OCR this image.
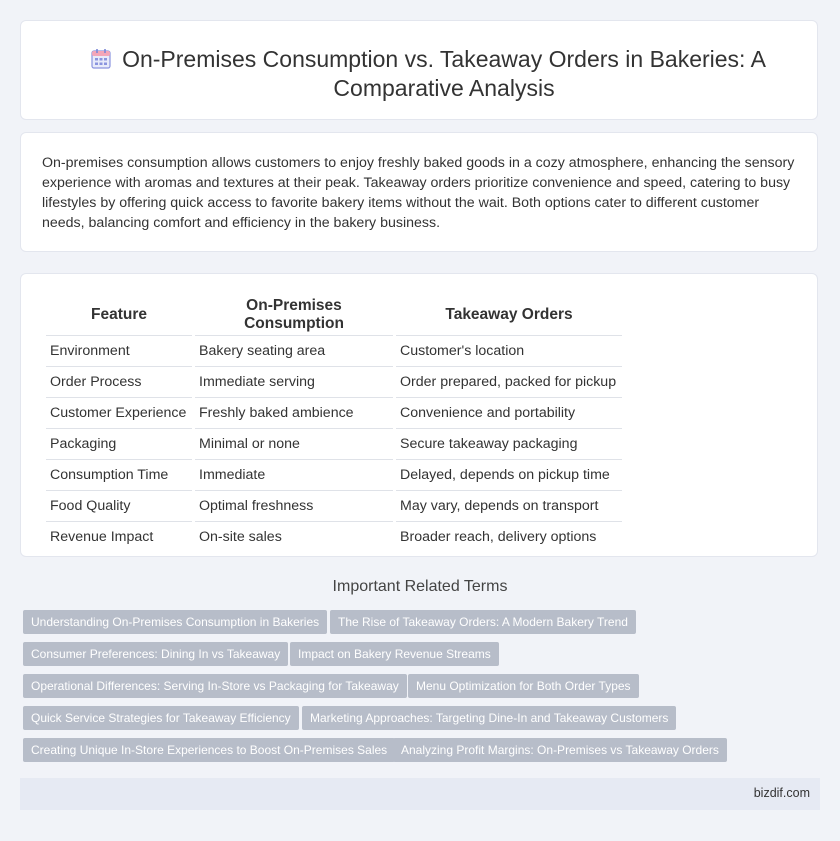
On-Premises Consumption vs. Takeaway Orders in Bakeries: A Comparative Analysis

On-premises consumption allows customers to enjoy freshly baked goods in a cozy atmosphere, enhancing the sensory experience with aromas and textures at their peak. Takeaway orders prioritize convenience and speed, catering to busy lifestyles by offering quick access to favorite bakery items without the wait. Both options cater to different customer needs, balancing comfort and efficiency in the bakery business.

Feature	On-Premises Consumption	Takeaway Orders
Environment	Bakery seating area	Customer's location
Order Process	Immediate serving	Order prepared, packed for pickup
Customer Experience	Freshly baked ambience	Convenience and portability
Packaging	Minimal or none	Secure takeaway packaging
Consumption Time	Immediate	Delayed, depends on pickup time
Food Quality	Optimal freshness	May vary, depends on transport
Revenue Impact	On-site sales	Broader reach, delivery options
Important Related Terms
Understanding On-Premises Consumption in Bakeries	The Rise of Takeaway Orders: A Modern Bakery Trend
Consumer Preferences: Dining In vs Takeaway	Impact on Bakery Revenue Streams
Operational Differences: Serving In-Store vs Packaging for Takeaway	Menu Optimization for Both Order Types
Quick Service Strategies for Takeaway Efficiency	Marketing Approaches: Targeting Dine-In and Takeaway Customers
Creating Unique In-Store Experiences to Boost On-Premises Sales	Analyzing Profit Margins: On-Premises vs Takeaway Orders
bizdif.com
